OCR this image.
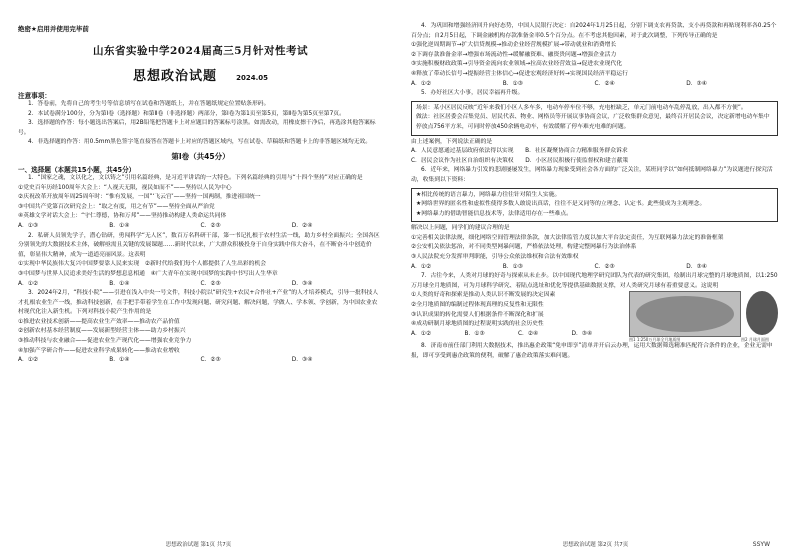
绝密★启用并使用完毕前
山东省实验中学2024届高三5月针对性考试
思想政治试题	2024.05
注意事项：

1．答卷前，先将自己的考生号等信息填写在试卷和答题纸上，并在答题纸规定位置贴条形码。

2．本试卷满分100分，分为第Ⅰ卷（选择题）和第Ⅱ卷（非选择题）两部分，第Ⅰ卷为第1页至第5页，第Ⅱ卷为第5页至第7页。

3．选择题的作答：每小题选出答案后，用2B铅笔把答题卡上对应题目的答案标号涂黑。如需改动，用橡皮擦干净后，再选涂其他答案标号。

4．非选择题的作答：用0.5mm黑色签字笔直接答在答题卡上对应的答题区域内，写在试卷、草稿纸和答题卡上的非答题区域均无效。

第Ⅰ卷（共45分）
一、选择题（本题共15小题，共45分）

1．“国家之魂，文以化之，文以铸之”引用名篇经典，是习近平讲话的一大特色。下列名篇经典的引用与“十四个坚持”对应正确的是

①党史百年历经100周年大会上：“人视天无限，视民如而不”——坚持以人民为中心

②庆祝改革开放周年周25周年时：“惟有发展，一国”‘飞云宫’——坚持一国两制，推进祖国统一

③中国共产党第百次研究会上：“取之有度，用之有节”——坚持全面从严治党

④英雄文学对话大会上：“守仁尊德，协和万邦”——坚持推动构建人类命运共同体

A．①③	B．①④	C．②③	D．②④

2．私研人员领先学子，潜心钻研，勇闯科学“无人区”，数百万名科研干部，第一书记扎根于农村生活一线，助力乡村全面振兴；全国各区分别领先的大数据技术主体，破解亟需且关键的发展课题……新时代以来，广大群众积极投身于自身实践中伟大奋斗，在不断奋斗中创造价值，彰显伟大精神，成为一道道亮丽风景。这表明

①实现中华民族伟大复兴中国梦要靠人民来实现　②新时代给我们每个人都提供了人生出彩的机会

③中国梦与世界人民追求美好生活的梦想息息相通　④广大青年在实现中国梦的实践中书写出人生华章

A．①②	B．①④	C．②③	D．③④

3．2024年2月，“科技小院”——引进在浅入中央一号文件，科技小院以“研究生+农民+合作社+产业”的人才培养模式，引导一批科技人才扎根农业生产一线，推动科技创新，在手把手带着学生在工作中发现问题、研究问题、解决问题，学做人、学本领、学创新，为中国农业农村现代化注入新生机。下列对科技小院产生作用的是

①推进农业技术创新——提高农业生产效率——推动农产品价值

②创新农村基本经营制度——发展新型经营主体——助力乡村振兴

③推动科技与农业融合——促进农业生产现代化——增强农业竞争力

④加强产学研合作——促进农业科学成果转化——推动农业增收

A．①②	B．①④	C．②③	D．③④

4．为巩固和增强经济回升向好态势，中国人民银行决定：自2024年1月25日起，分别下调支农再贷款、支小再贷款和再贴现利率各0.25个百分点；自2月5日起，下调金融机构存款准备金率0.5个百分点。在不考虑其他因素，对于此次调整，下列传导正确的是

①强化逆周期调节→扩大信贷规模→推动企业经营规模扩展→带动就业和消费增长

②下调存款准备金率→增强市场流动性→缓解融资难、融资贵问题→增强企业活力

③实施积极财政政策→引导资金流向农业领域→拉高农业经营效益→促进农业现代化

④释放了带动长信号→提振经营主体信心→促进宏观经济好转→实现国民经济平稳运行

A．①②	B．①③	C．②④	D．③④

5．办好社区大小事，居民幸福再升级。

场景：某小区居民反映“近年来我们小区人多车多，电动车停车位不够，充电桩缺乏，单元门前电动车乱停乱放，出入都不方便”。

做法：社区居委会召集党员、居民代表、物业、网格员等开展议事协商会议，广泛收集群众意见，最终召开居民会议，决定新增电动车集中停放点756平方米，可同时停放450余辆电动车，有效缓解了停车难充电难的问题。

由上述案例，下列说法正确的是

A．人民意愿通过基层政府依法得以实现　　B．社区凝聚协商合力精准服务群众诉求

C．居民会议作为社区自治组织有决策权　　D．小区居民积极行使监督权和建言献策

6．近年来，网络暴力引发的悲剧屡屡发生，网络暴力现象受到社会各方面的广泛关注，某班同学以“如何抵制网络暴力”为议题进行探究活动，收集到以下资料：

★相比传统的语言暴力，网络暴力往往针对陌生人实施。

★网络世界的匿名性和虚拟性使得多数人敢说出真话，往往不是又同等的立理念、认定书。此些使成为主观理念。

★网络暴力的借助智能信息技术等，法律适用存在一些难点。

解决以上问题，同学们的建议合理的是

①完善相关法律法规，细化网络空间管理法律条款，加大法律监管力度以加大平台法定责任，为互联网暴力法定的准备框架

②公安机关依法惩治，对不同类型网暴问题，严格依法处理，构建完整网暴行为法治体系

③人民法院充分发挥审判职能，引导公众依法维权和合法有效维权

A．①②	B．①③	C．②③	D．③④

7．古往今来，人类对月球的好奇与探索从未止步。以中国现代地理学研究团队为代表的研究集团，绘制出月球完整的月球地质图，以1:250万月球全月地质图，可为月球科学研究、着陆点选址和优化等提供基础数据支撑，对人类研究月球有着重要意义。这说明

①人类的好奇和探索是推动人类认识不断发展的决定因素

②全月地质图的编制过程体现真理的反复性和无限性

③认识成果的转化需要人们根据条件不断深化和扩展

④成功研制月球地质图的过程说明实践的社会历史性

A．①②	B．①③	C．②④	D．③④
图1 1:250万月球全月地质图	图2 月球月面图

8．济南市前任部门利用大数据技术，推出惠企政策“免申即享”清单并开启云办理，运用大数据筛选精准匹配符合条件的企业，企业无需申报，即可享受到惠企政策的便利，破解了惠企政策落实难问题。

思想政治试题 第1页 共7页	思想政治试题 第2页 共7页	SSYW
